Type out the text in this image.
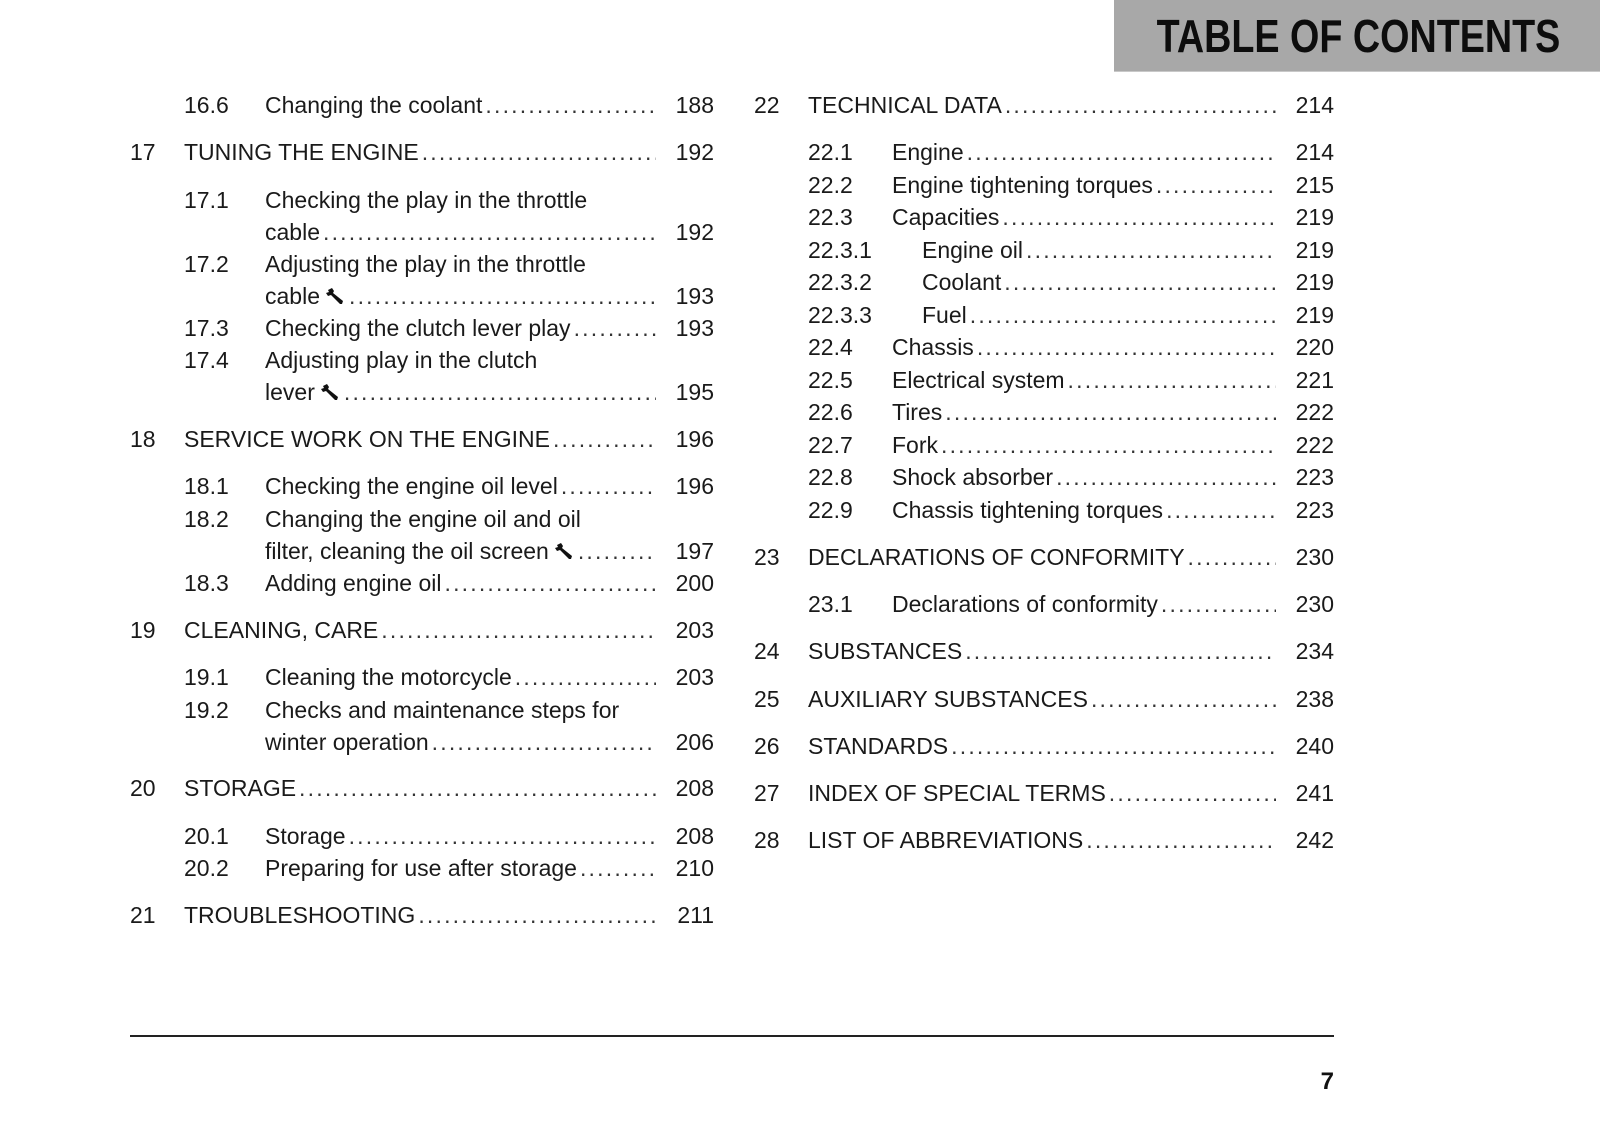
TABLE OF CONTENTS
16.6 Changing the coolant .....	188
17 TUNING THE ENGINE .....	192
17.1 Checking the play in the throttle
cable .....	192
17.2 Adjusting the play in the throttle
cable .....	193
17.3 Checking the clutch lever play .....	193
17.4 Adjusting play in the clutch
lever .....	195
18 SERVICE WORK ON THE ENGINE .....	196
18.1 Checking the engine oil level .....	196
18.2 Changing the engine oil and oil
filter, cleaning the oil screen .....	197
18.3 Adding engine oil .....	200
19 CLEANING, CARE .....	203
19.1 Cleaning the motorcycle .....	203
19.2 Checks and maintenance steps for
winter operation .....	206
20 STORAGE .....	208
20.1 Storage .....	208
20.2 Preparing for use after storage .....	210
21 TROUBLESHOOTING .....	211
22 TECHNICAL DATA .....	214
22.1 Engine .....	214
22.2 Engine tightening torques .....	215
22.3 Capacities .....	219
22.3.1 Engine oil .....	219
22.3.2 Coolant .....	219
22.3.3 Fuel .....	219
22.4 Chassis .....	220
22.5 Electrical system .....	221
22.6 Tires .....	222
22.7 Fork .....	222
22.8 Shock absorber .....	223
22.9 Chassis tightening torques .....	223
23 DECLARATIONS OF CONFORMITY .....	230
23.1 Declarations of conformity .....	230
24 SUBSTANCES .....	234
25 AUXILIARY SUBSTANCES .....	238
26 STANDARDS .....	240
27 INDEX OF SPECIAL TERMS .....	241
28 LIST OF ABBREVIATIONS .....	242
7
